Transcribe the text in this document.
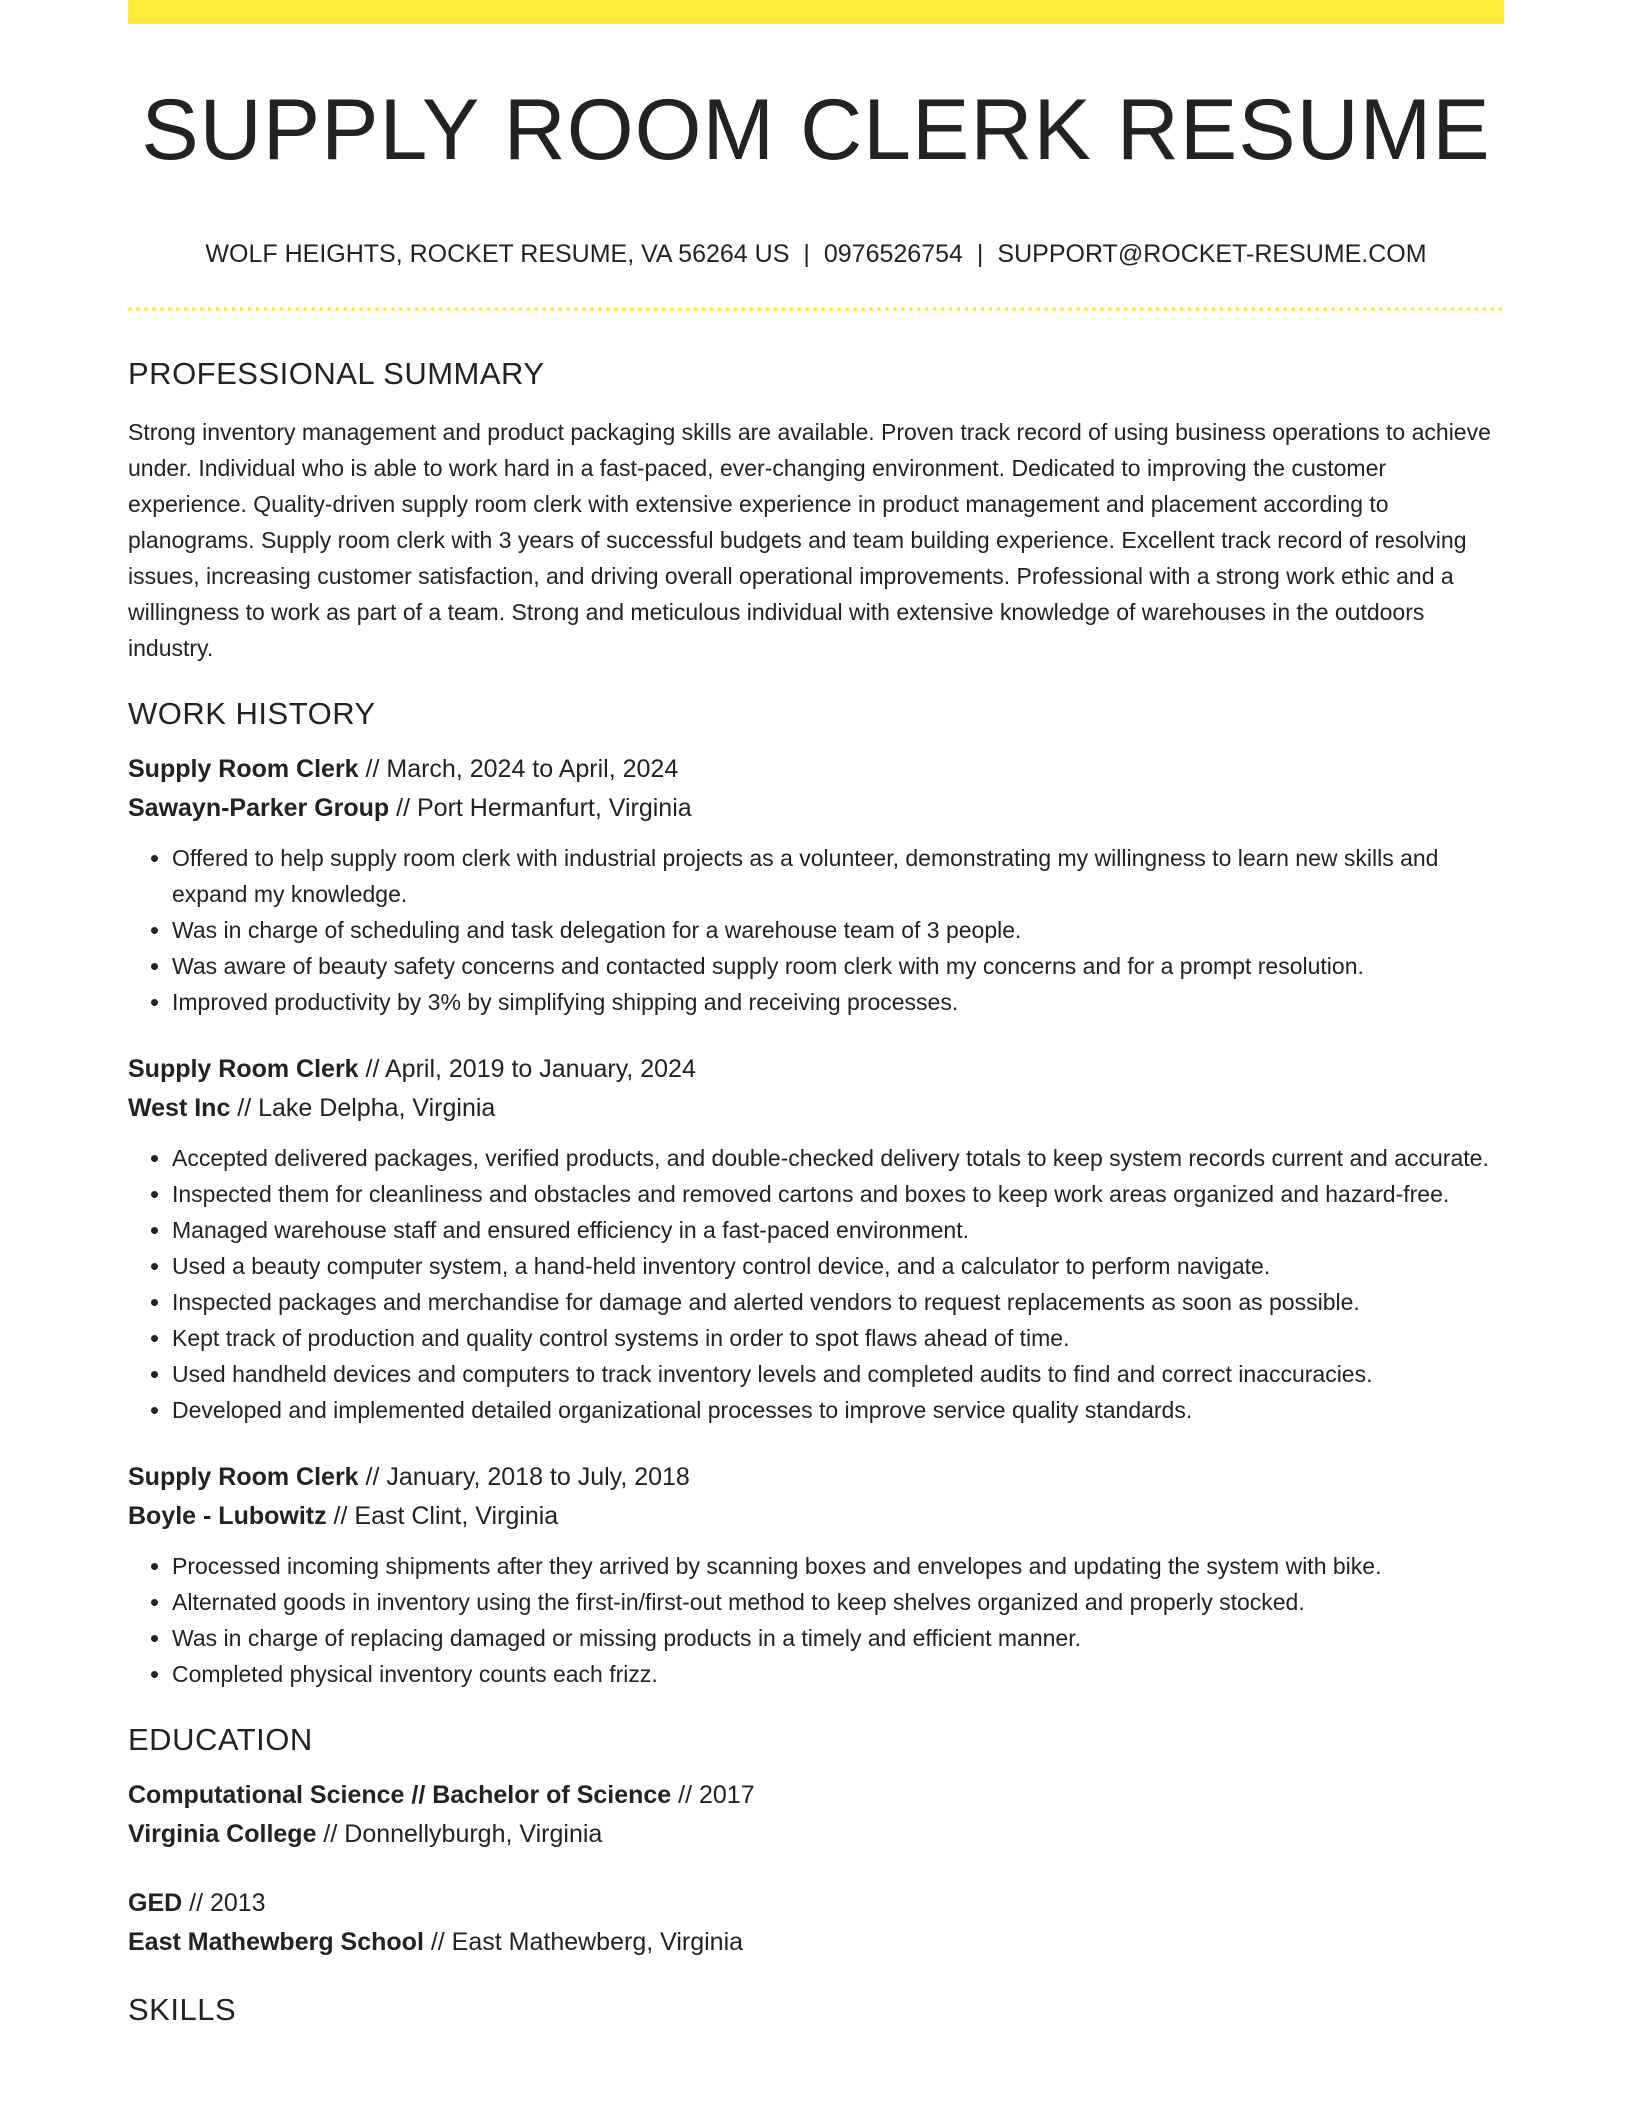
SUPPLY ROOM CLERK RESUME
WOLF HEIGHTS, ROCKET RESUME, VA 56264 US | 0976526754 | SUPPORT@ROCKET-RESUME.COM
PROFESSIONAL SUMMARY

Strong inventory management and product packaging skills are available. Proven track record of using business operations to achieve under. Individual who is able to work hard in a fast-paced, ever-changing environment. Dedicated to improving the customer experience. Quality-driven supply room clerk with extensive experience in product management and placement according to planograms. Supply room clerk with 3 years of successful budgets and team building experience. Excellent track record of resolving issues, increasing customer satisfaction, and driving overall operational improvements. Professional with a strong work ethic and a willingness to work as part of a team. Strong and meticulous individual with extensive knowledge of warehouses in the outdoors industry.

WORK HISTORY
Supply Room Clerk // March, 2024 to April, 2024
Sawayn-Parker Group // Port Hermanfurt, Virginia
• Offered to help supply room clerk with industrial projects as a volunteer, demonstrating my willingness to learn new skills and expand my knowledge.
• Was in charge of scheduling and task delegation for a warehouse team of 3 people.
• Was aware of beauty safety concerns and contacted supply room clerk with my concerns and for a prompt resolution.
• Improved productivity by 3% by simplifying shipping and receiving processes.
Supply Room Clerk // April, 2019 to January, 2024
West Inc // Lake Delpha, Virginia
• Accepted delivered packages, verified products, and double-checked delivery totals to keep system records current and accurate.
• Inspected them for cleanliness and obstacles and removed cartons and boxes to keep work areas organized and hazard-free.
• Managed warehouse staff and ensured efficiency in a fast-paced environment.
• Used a beauty computer system, a hand-held inventory control device, and a calculator to perform navigate.
• Inspected packages and merchandise for damage and alerted vendors to request replacements as soon as possible.
• Kept track of production and quality control systems in order to spot flaws ahead of time.
• Used handheld devices and computers to track inventory levels and completed audits to find and correct inaccuracies.
• Developed and implemented detailed organizational processes to improve service quality standards.
Supply Room Clerk // January, 2018 to July, 2018
Boyle - Lubowitz // East Clint, Virginia
• Processed incoming shipments after they arrived by scanning boxes and envelopes and updating the system with bike.
• Alternated goods in inventory using the first-in/first-out method to keep shelves organized and properly stocked.
• Was in charge of replacing damaged or missing products in a timely and efficient manner.
• Completed physical inventory counts each frizz.
EDUCATION
Computational Science // Bachelor of Science // 2017
Virginia College // Donnellyburgh, Virginia
GED // 2013
East Mathewberg School // East Mathewberg, Virginia
SKILLS
